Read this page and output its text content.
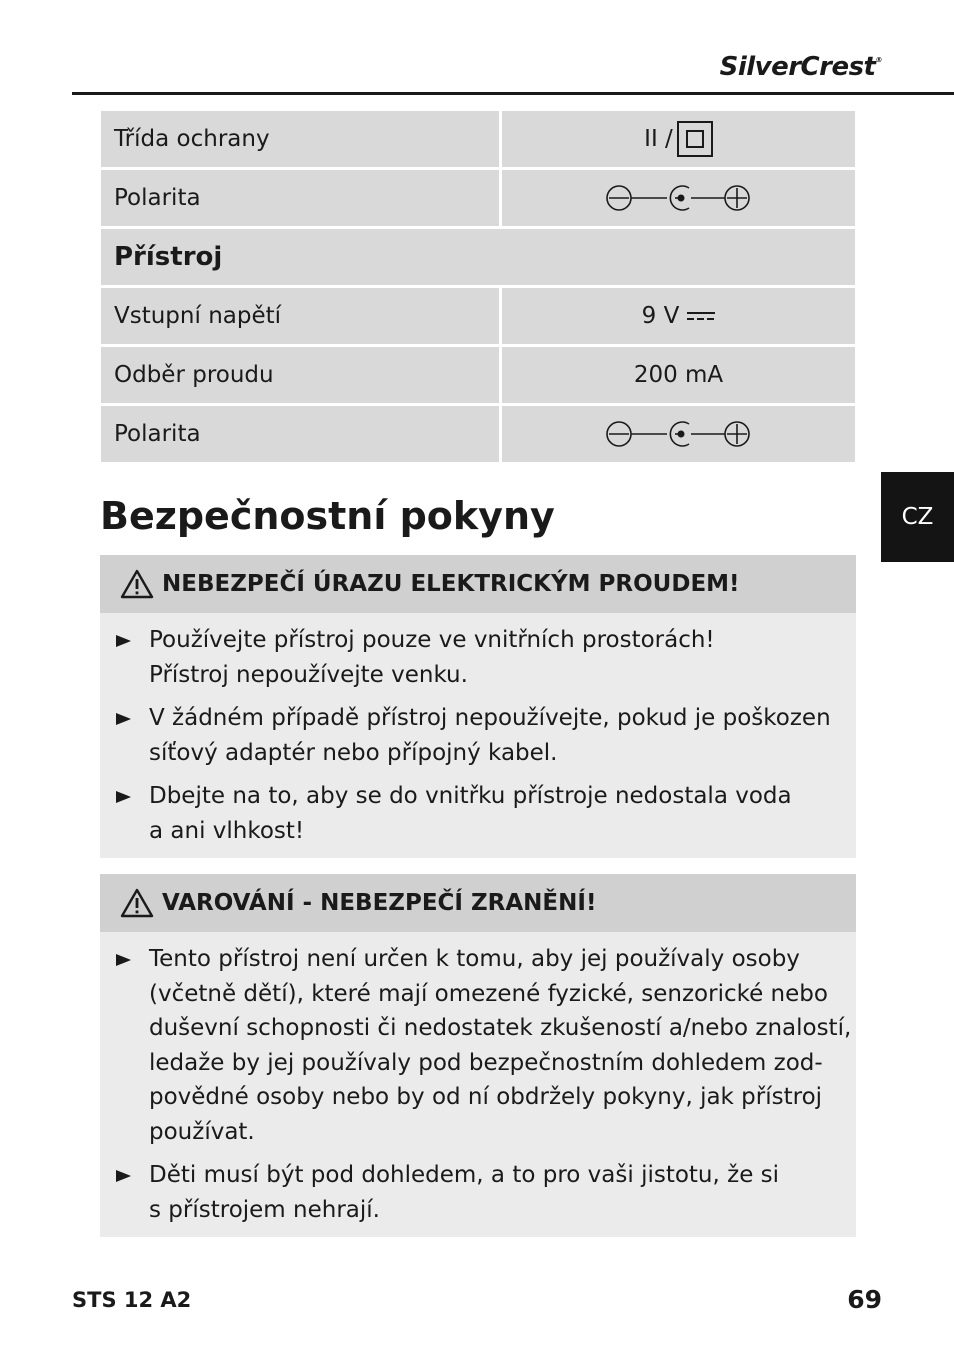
SilverCrest®
Třída ochrany	II /
Polarita
Přístroj
Vstupní napětí	9 V
Odběr proudu	200 mA
Polarita
CZ
Bezpečnostní pokyny
NEBEZPEČÍ ÚRAZU ELEKTRICKÝM PROUDEM!
Používejte přístroj pouze ve vnitřních prostorách!
Přístroj nepoužívejte venku.
V žádném případě přístroj nepoužívejte, pokud je poškozen
síťový adaptér nebo přípojný kabel.
Dbejte na to, aby se do vnitřku přístroje nedostala voda
a ani vlhkost!
VAROVÁNÍ - NEBEZPEČÍ ZRANĚNÍ!
Tento přístroj není určen k tomu, aby jej používaly osoby
(včetně dětí), které mají omezené fyzické, senzorické nebo
duševní schopnosti či nedostatek zkušeností a/nebo znalostí,
ledaže by jej používaly pod bezpečnostním dohledem zod-
povědné osoby nebo by od ní obdržely pokyny, jak přístroj
používat.
Děti musí být pod dohledem, a to pro vaši jistotu, že si
s přístrojem nehrají.
STS 12 A2	69
